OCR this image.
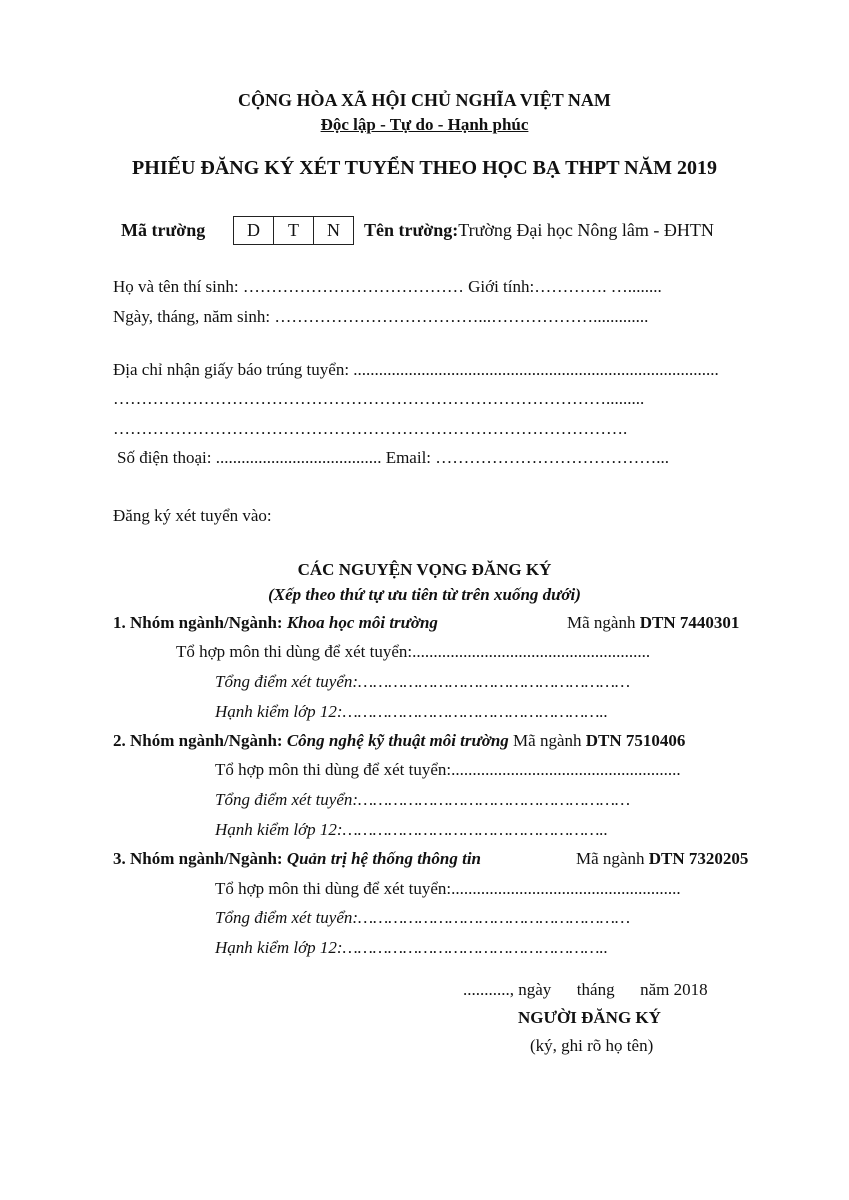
CỘNG HÒA XÃ HỘI CHỦ NGHĨA VIỆT NAM
Độc lập - Tự do - Hạnh phúc
PHIẾU ĐĂNG KÝ XÉT TUYỂN THEO HỌC BẠ THPT NĂM 2019
Mã trường	D	T	N	Tên trường:Trường Đại học Nông lâm - ĐHTN
Họ và tên thí sinh: ………………………………… Giới tính:…………. …........
Ngày, tháng, năm sinh: ………………………………...……………….............
Địa chỉ nhận giấy báo trúng tuyển: ......................................................................................
…………………………………………………………………………….........
……………………………………………………………………………….
Số điện thoại: ....................................... Email: …………………………………...
Đăng ký xét tuyển vào:
CÁC NGUYỆN VỌNG ĐĂNG KÝ
(Xếp theo thứ tự ưu tiên từ trên xuống dưới)
1. Nhóm ngành/Ngành: Khoa học môi trường	Mã ngành DTN 7440301
Tổ hợp môn thi dùng để xét tuyển:........................................................
Tổng điểm xét tuyển:………………………………………………
Hạnh kiểm lớp 12:……………………………………………..
2. Nhóm ngành/Ngành: Công nghệ kỹ thuật môi trường Mã ngành DTN 7510406
Tổ hợp môn thi dùng để xét tuyển:......................................................
Tổng điểm xét tuyển:………………………………………………
Hạnh kiểm lớp 12:……………………………………………..
3. Nhóm ngành/Ngành: Quản trị hệ thống thông tin	Mã ngành DTN 7320205
Tổ hợp môn thi dùng để xét tuyển:......................................................
Tổng điểm xét tuyển:………………………………………………
Hạnh kiểm lớp 12:……………………………………………..
..........., ngày      tháng      năm 2018
NGƯỜI ĐĂNG KÝ
(ký, ghi rõ họ tên)
